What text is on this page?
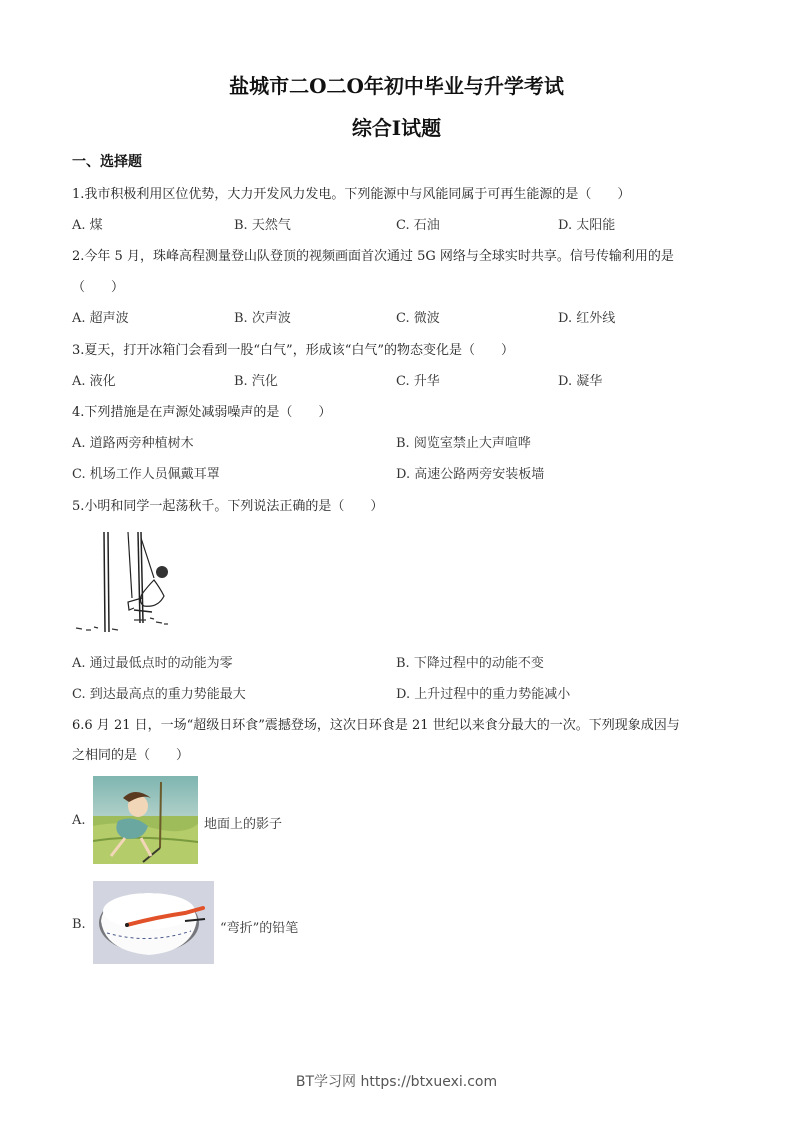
盐城市二O二O年初中毕业与升学考试
综合Ⅰ试题
一、选择题
1.我市积极利用区位优势，大力开发风力发电。下列能源中与风能同属于可再生能源的是（　　）
A. 煤	B. 天然气	C. 石油	D. 太阳能
2.今年 5 月，珠峰高程测量登山队登顶的视频画面首次通过 5G 网络与全球实时共享。信号传输利用的是
（　　）
A. 超声波	B. 次声波	C. 微波	D. 红外线
3.夏天，打开冰箱门会看到一股“白气”，形成该“白气”的物态变化是（　　）
A. 液化	B. 汽化	C. 升华	D. 凝华
4.下列措施是在声源处减弱噪声的是（　　）
A. 道路两旁种植树木	B. 阅览室禁止大声喧哗
C. 机场工作人员佩戴耳罩	D. 高速公路两旁安装板墙
5.小明和同学一起荡秋千。下列说法正确的是（　　）
A. 通过最低点时的动能为零	B. 下降过程中的动能不变
C. 到达最高点的重力势能最大	D. 上升过程中的重力势能减小
6.6 月 21 日，一场“超级日环食”震撼登场，这次日环食是 21 世纪以来食分最大的一次。下列现象成因与
之相同的是（　　）
A.	地面上的影子
B.	“弯折”的铅笔
BT学习网 https://btxuexi.com
